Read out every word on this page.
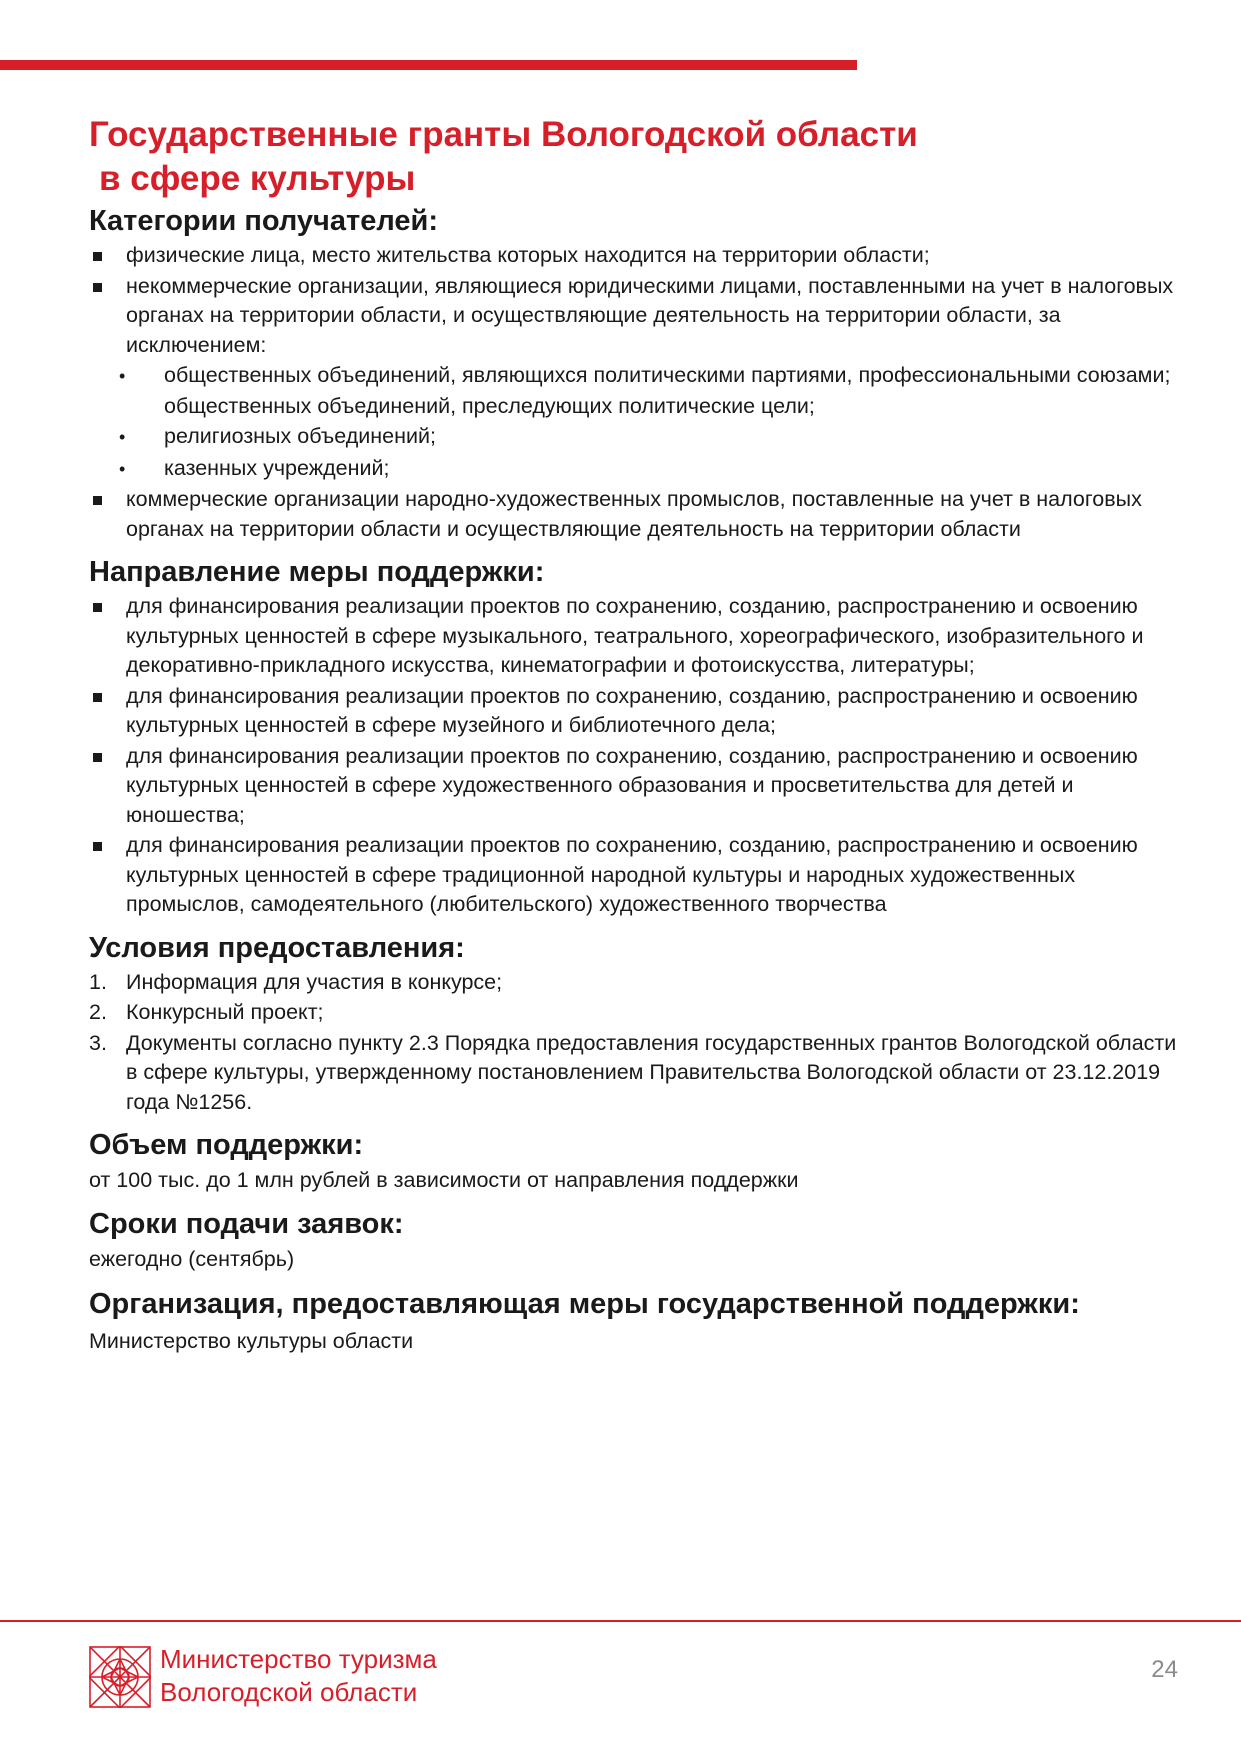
Государственные гранты Вологодской области
в сфере культуры
Категории получателей:
физические лица, место жительства которых находится на территории области;
некоммерческие организации, являющиеся юридическими лицами, поставленными на учет в налоговых органах на территории области, и осуществляющие деятельность на территории области, за исключением:
•общественных объединений, являющихся политическими партиями, профессиональными союзами; общественных объединений, преследующих политические цели;
•религиозных объединений;
•казенных учреждений;
коммерческие организации народно-художественных промыслов, поставленные на учет в налоговых органах на территории области и осуществляющие деятельность на территории области
Направление меры поддержки:
для финансирования реализации проектов по сохранению, созданию, распространению и освоению культурных ценностей в сфере музыкального, театрального, хореографического, изобразительного и декоративно-прикладного искусства, кинематографии и фотоискусства, литературы;
для финансирования реализации проектов по сохранению, созданию, распространению и освоению культурных ценностей в сфере музейного и библиотечного дела;
для финансирования реализации проектов по сохранению, созданию, распространению и освоению культурных ценностей в сфере художественного образования и просветительства для детей и юношества;
для финансирования реализации проектов по сохранению, созданию, распространению и освоению культурных ценностей в сфере традиционной народной культуры и народных художественных промыслов, самодеятельного (любительского) художественного творчества
Условия предоставления:
1. Информация для участия в конкурсе;
2. Конкурсный проект;
3. Документы согласно пункту 2.3 Порядка предоставления государственных грантов Вологодской области в сфере культуры, утвержденному постановлением Правительства Вологодской области от 23.12.2019 года №1256.
Объем поддержки:

от 100 тыс. до 1 млн рублей в зависимости от направления поддержки

Сроки подачи заявок:

ежегодно (сентябрь)

Организация, предоставляющая меры государственной поддержки:

Министерство культуры области

Министерство туризма
Вологодской области
24
